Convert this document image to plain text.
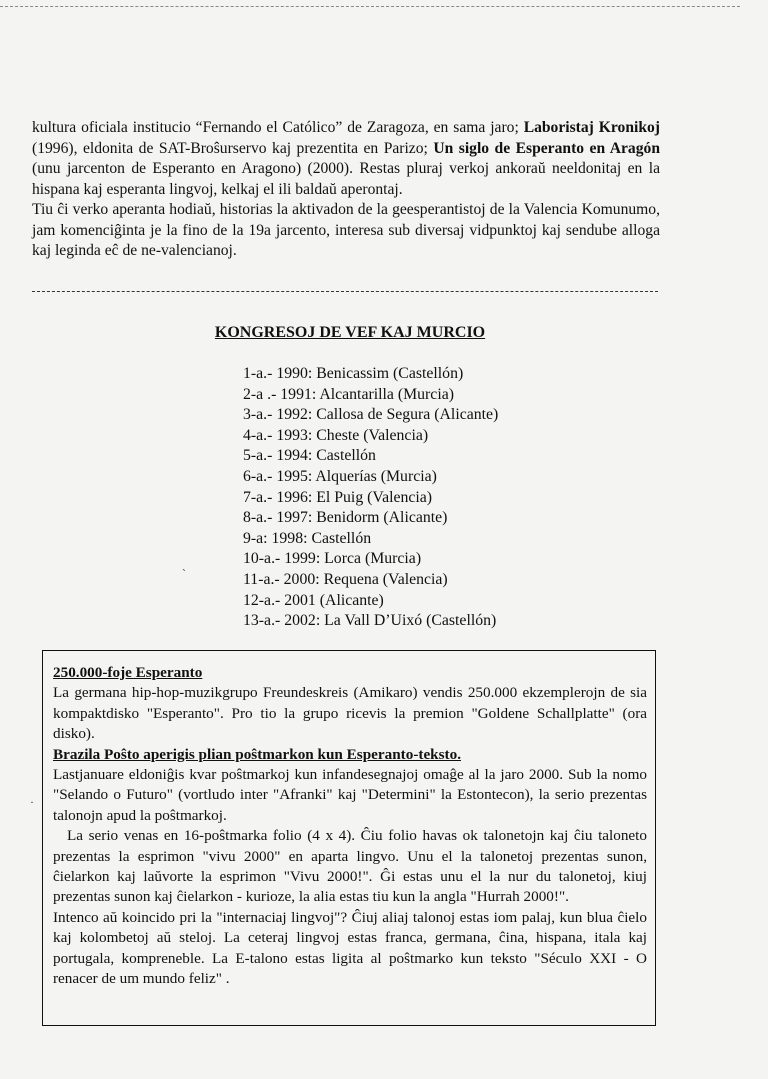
kultura oficiala institucio “Fernando el Católico” de Zaragoza, en sama jaro; Laboristaj Kronikoj (1996), eldonita de SAT-Broŝurservo kaj prezentita en Parizo; Un siglo de Esperanto en Aragón (unu jarcenton de Esperanto en Aragono) (2000). Restas pluraj verkoj ankoraŭ neeldonitaj en la hispana kaj esperanta lingvoj, kelkaj el ili baldaŭ aperontaj.

Tiu ĉi verko aperanta hodiaŭ, historias la aktivadon de la geesperantistoj de la Valencia Komunumo, jam komenciĝinta je la fino de la 19a jarcento, interesa sub diversaj vidpunktoj kaj sendube alloga kaj leginda eĉ de ne-valencianoj.

KONGRESOJ DE VEF KAJ MURCIO
1-a.- 1990: Benicassim (Castellón)
2-a .- 1991: Alcantarilla (Murcia)
3-a.- 1992: Callosa de Segura (Alicante)
4-a.- 1993: Cheste (Valencia)
5-a.- 1994: Castellón
6-a.- 1995: Alquerías (Murcia)
7-a.- 1996: El Puig (Valencia)
8-a.- 1997: Benidorm (Alicante)
9-a: 1998: Castellón
10-a.- 1999: Lorca (Murcia)
11-a.- 2000: Requena (Valencia)
12-a.- 2001 (Alicante)
13-a.- 2002: La Vall D’Uixó (Castellón)
˴
·

250.000-foje Esperanto

La germana hip-hop-muzikgrupo Freundeskreis (Amikaro) vendis 250.000 ekzemplerojn de sia kompaktdisko "Esperanto". Pro tio la grupo ricevis la premion "Goldene Schallplatte" (ora disko).

Brazila Poŝto aperigis plian poŝtmarkon kun Esperanto-teksto.

Lastjanuare eldoniĝis kvar poŝtmarkoj kun infandesegnajoj omaĝe al la jaro 2000. Sub la nomo "Selando o Futuro" (vortludo inter "Afranki" kaj "Determini" la Estontecon), la serio prezentas talonojn apud la poŝtmarkoj.

La serio venas en 16-poŝtmarka folio (4 x 4). Ĉiu folio havas ok talonetojn kaj ĉiu taloneto prezentas la esprimon "vivu 2000" en aparta lingvo. Unu el la talonetoj prezentas sunon, ĉielarkon kaj laŭvorte la esprimon "Vivu 2000!". Ĝi estas unu el la nur du talonetoj, kiuj prezentas sunon kaj ĉielarkon - kurioze, la alia estas tiu kun la angla "Hurrah 2000!".

Intenco aŭ koincido pri la "internaciaj lingvoj"? Ĉiuj aliaj talonoj estas iom palaj, kun blua ĉielo kaj kolombetoj aŭ steloj. La ceteraj lingvoj estas franca, germana, ĉina, hispana, itala kaj portugala, kompreneble. La E-talono estas ligita al poŝtmarko kun teksto "Século XXI - O renacer de um mundo feliz" .
